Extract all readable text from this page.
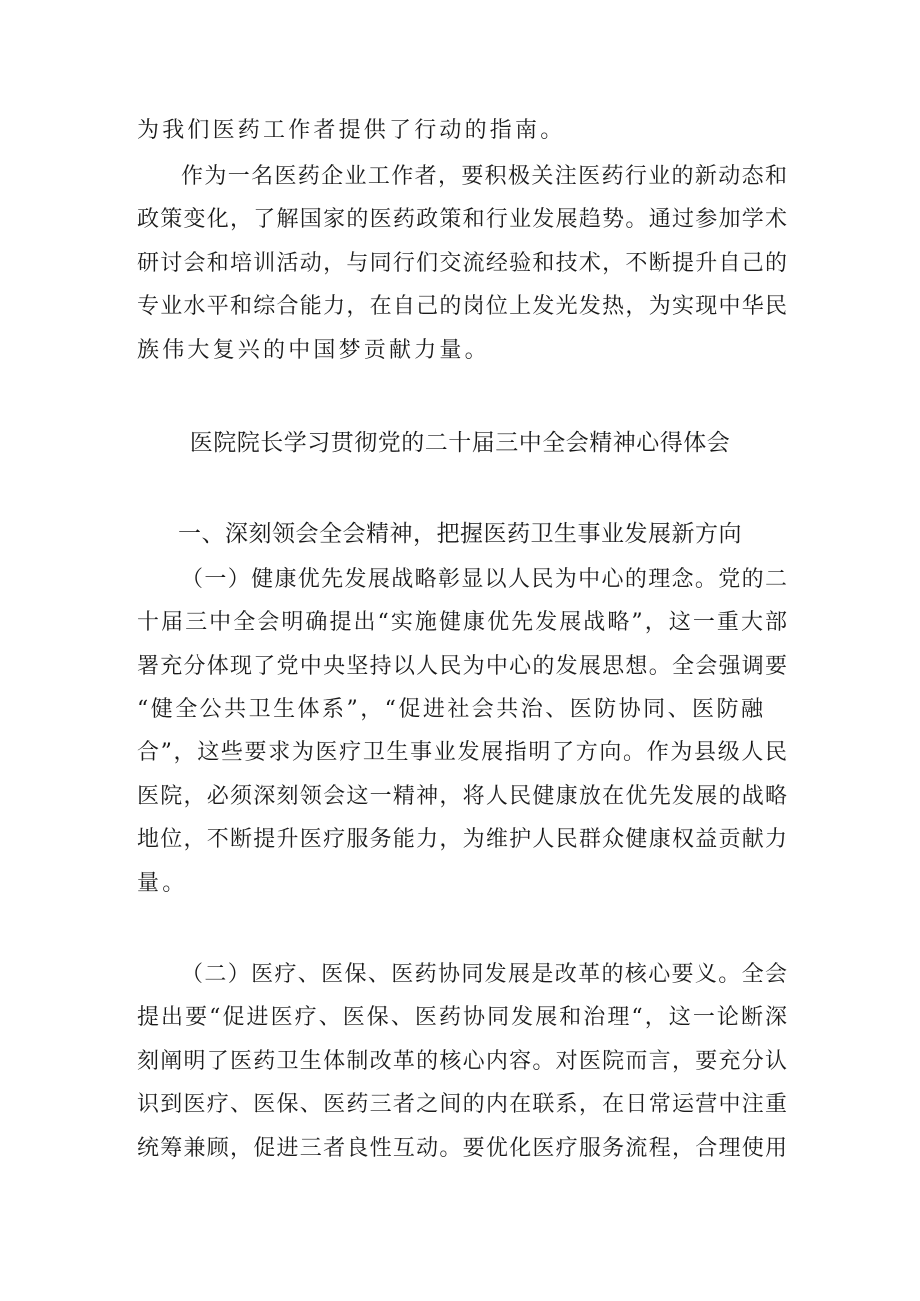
为我们医药工作者提供了行动的指南。
作为一名医药企业工作者，要积极关注医药行业的新动态和
政策变化，了解国家的医药政策和行业发展趋势。通过参加学术
研讨会和培训活动，与同行们交流经验和技术，不断提升自己的
专业水平和综合能力，在自己的岗位上发光发热，为实现中华民
族伟大复兴的中国梦贡献力量。
医院院长学习贯彻党的二十届三中全会精神心得体会
一、深刻领会全会精神，把握医药卫生事业发展新方向
（一）健康优先发展战略彰显以人民为中心的理念。党的二
十届三中全会明确提出“实施健康优先发展战略”，这一重大部
署充分体现了党中央坚持以人民为中心的发展思想。全会强调要
“健全公共卫生体系”，“促进社会共治、医防协同、医防融
合”，这些要求为医疗卫生事业发展指明了方向。作为县级人民
医院，必须深刻领会这一精神，将人民健康放在优先发展的战略
地位，不断提升医疗服务能力，为维护人民群众健康权益贡献力
量。
（二）医疗、医保、医药协同发展是改革的核心要义。全会
提出要“促进医疗、医保、医药协同发展和治理“，这一论断深
刻阐明了医药卫生体制改革的核心内容。对医院而言，要充分认
识到医疗、医保、医药三者之间的内在联系，在日常运营中注重
统筹兼顾，促进三者良性互动。要优化医疗服务流程，合理使用
